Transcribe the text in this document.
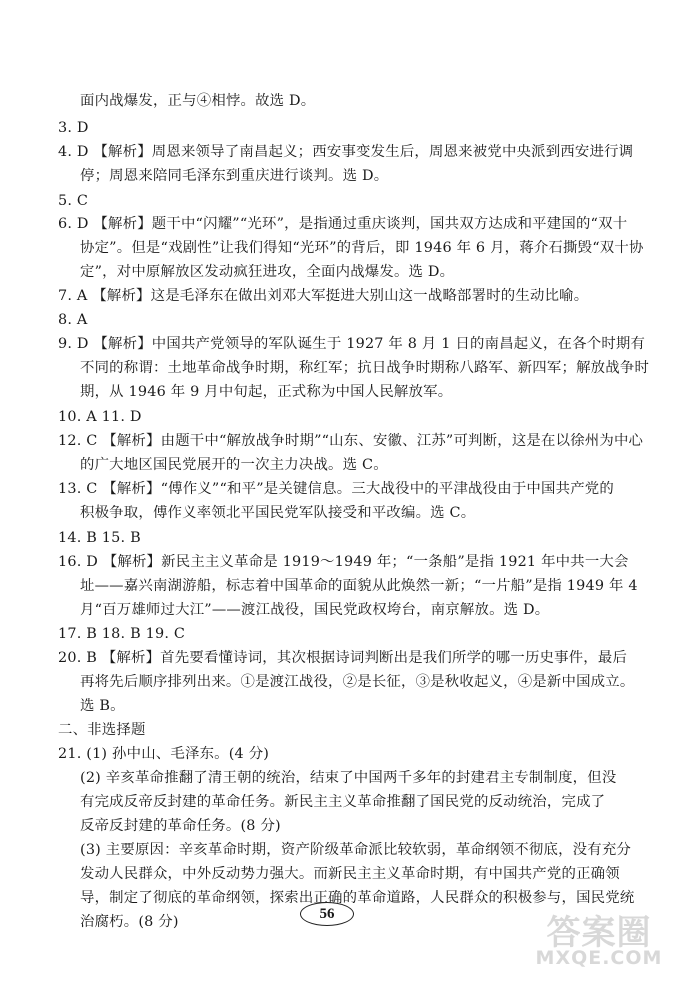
面内战爆发，正与④相悖。故选 D。
3. D
4. D 【解析】周恩来领导了南昌起义；西安事变发生后，周恩来被党中央派到西安进行调
停；周恩来陪同毛泽东到重庆进行谈判。选 D。
5. C
6. D 【解析】题干中“闪耀”“光环”，是指通过重庆谈判，国共双方达成和平建国的“双十
协定”。但是“戏剧性”让我们得知“光环”的背后，即 1946 年 6 月，蒋介石撕毁“双十协
定”，对中原解放区发动疯狂进攻，全面内战爆发。选 D。
7. A 【解析】这是毛泽东在做出刘邓大军挺进大别山这一战略部署时的生动比喻。
8. A
9. D 【解析】中国共产党领导的军队诞生于 1927 年 8 月 1 日的南昌起义，在各个时期有
不同的称谓：土地革命战争时期，称红军；抗日战争时期称八路军、新四军；解放战争时
期，从 1946 年 9 月中旬起，正式称为中国人民解放军。
10. A 11. D
12. C 【解析】由题干中“解放战争时期”“山东、安徽、江苏”可判断，这是在以徐州为中心
的广大地区国民党展开的一次主力决战。选 C。
13. C 【解析】“傅作义”“和平”是关键信息。三大战役中的平津战役由于中国共产党的
积极争取，傅作义率领北平国民党军队接受和平改编。选 C。
14. B 15. B
16. D 【解析】新民主主义革命是 1919～1949 年；“一条船”是指 1921 年中共一大会
址——嘉兴南湖游船，标志着中国革命的面貌从此焕然一新；“一片船”是指 1949 年 4
月“百万雄师过大江”——渡江战役，国民党政权垮台，南京解放。选 D。
17. B 18. B 19. C
20. B 【解析】首先要看懂诗词，其次根据诗词判断出是我们所学的哪一历史事件，最后
再将先后顺序排列出来。①是渡江战役，②是长征，③是秋收起义，④是新中国成立。
选 B。
二、非选择题
21. (1) 孙中山、毛泽东。(4 分)
(2) 辛亥革命推翻了清王朝的统治，结束了中国两千多年的封建君主专制制度，但没
有完成反帝反封建的革命任务。新民主主义革命推翻了国民党的反动统治，完成了
反帝反封建的革命任务。(8 分)
(3) 主要原因：辛亥革命时期，资产阶级革命派比较软弱，革命纲领不彻底，没有充分
发动人民群众，中外反动势力强大。而新民主主义革命时期，有中国共产党的正确领
导，制定了彻底的革命纲领，探索出正确的革命道路，人民群众的积极参与，国民党统
治腐朽。(8 分)
56	答案圈
MXQE.COM
